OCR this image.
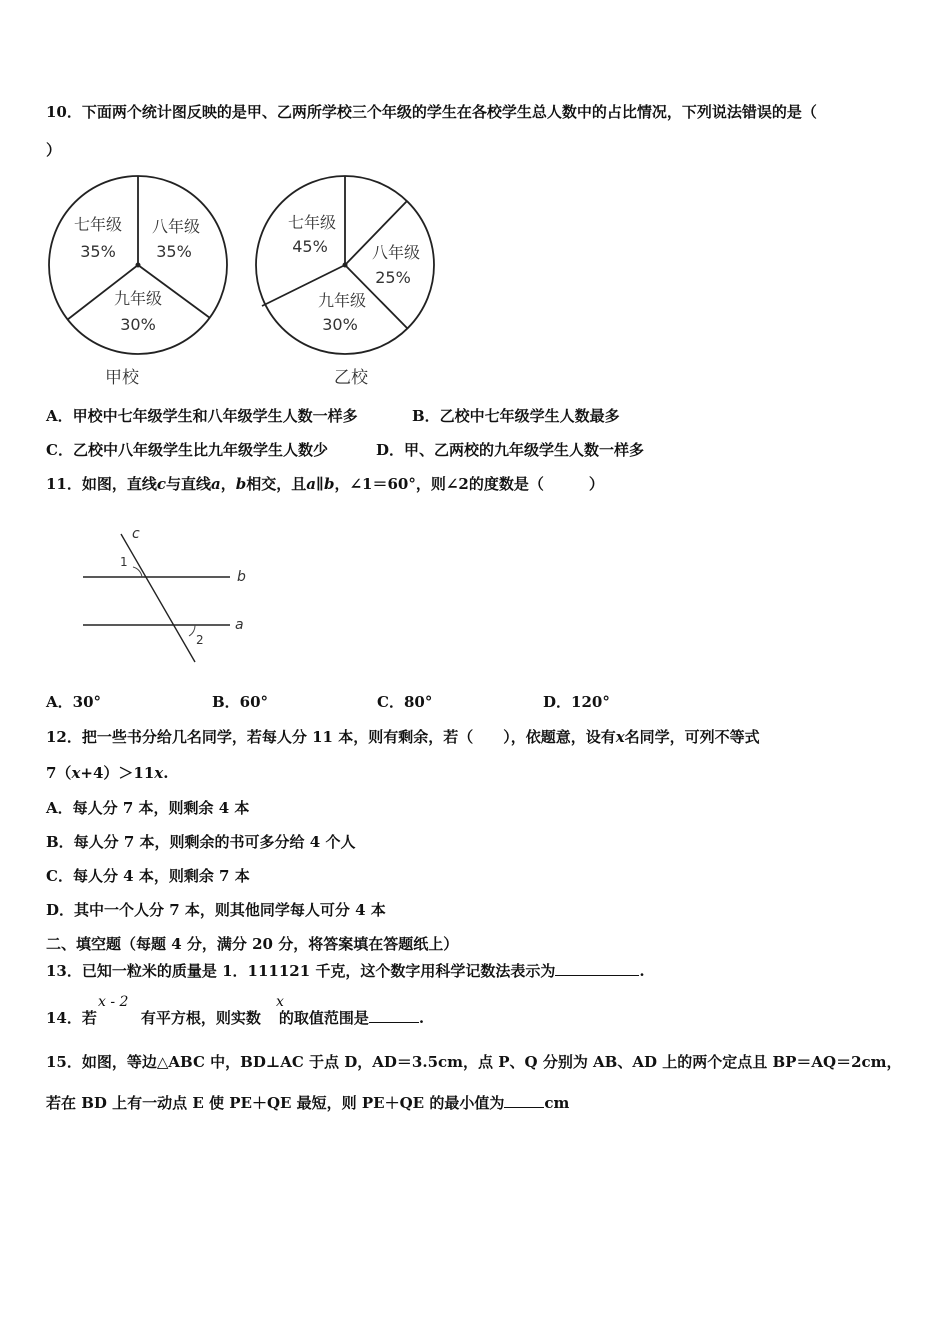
10．下面两个统计图反映的是甲、乙两所学校三个年级的学生在各校学生总人数中的占比情况，下列说法错误的是（
）
七年级
35%
八年级
35%
九年级
30%
甲校
七年级
45%	八年级
25%
九年级
30%
乙校
A．甲校中七年级学生和八年级学生人数一样多	B．乙校中七年级学生人数最多
C．乙校中八年级学生比九年级学生人数少	D．甲、乙两校的九年级学生人数一样多
11．如图，直线c与直线a，b相交，且a∥b，∠1＝60°，则∠2的度数是（　　　）
c
b
a
1
2
A．30°	B．60°	C．80°	D．120°
12．把一些书分给几名同学，若每人分 11 本，则有剩余，若（　　），依题意，设有x名同学，可列不等式
7（x+4）＞11x.
A．每人分 7 本，则剩余 4 本
B．每人分 7 本，则剩余的书可多分给 4 个人
C．每人分 4 本，则剩余 7 本
D．其中一个人分 7 本，则其他同学每人可分 4 本
二、填空题（每题 4 分，满分 20 分，将答案填在答题纸上）
13．已知一粒米的质量是 1．111121 千克，这个数字用科学记数法表示为	.
x - 2	x
14．若	有平方根，则实数 的取值范围是	.
15．如图，等边△ABC 中，BD⊥AC 于点 D，AD＝3.5cm，点 P、Q 分别为 AB、AD 上的两个定点且 BP＝AQ＝2cm，
若在 BD 上有一动点 E 使 PE＋QE 最短，则 PE＋QE 的最小值为	cm
